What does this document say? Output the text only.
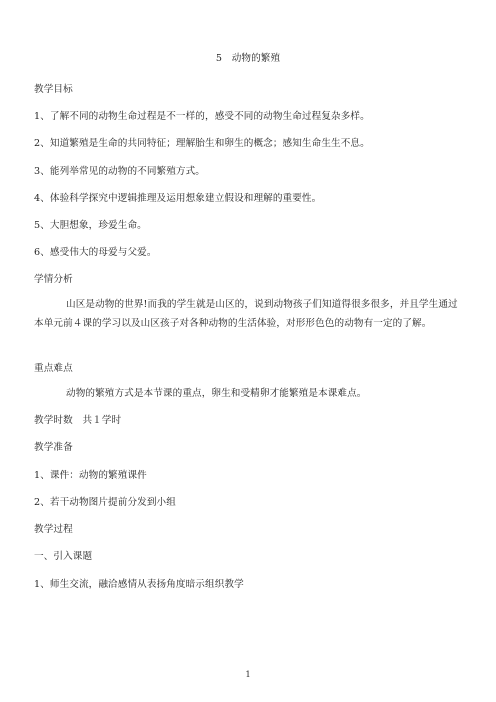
5　动物的繁殖
教学目标
1、了解不同的动物生命过程是不一样的，感受不同的动物生命过程复杂多样。
2、知道繁殖是生命的共同特征；理解胎生和卵生的概念；感知生命生生不息。
3、能列举常见的动物的不同繁殖方式。
4、体验科学探究中逻辑推理及运用想象建立假设和理解的重要性。
5、大胆想象，珍爱生命。
6、感受伟大的母爱与父爱。
学情分析
山区是动物的世界!而我的学生就是山区的，说到动物孩子们知道得很多很多，并且学生通过本单元前４课的学习以及山区孩子对各种动物的生活体验，对形形色色的动物有一定的了解。
重点难点
动物的繁殖方式是本节课的重点，卵生和受精卵才能繁殖是本课难点。
教学时数　共１学时
教学准备
1、课件：动物的繁殖课件
2、若干动物图片提前分发到小组
教学过程
一、引入课题
1、师生交流，融洽感情从表扬角度暗示组织教学
1
